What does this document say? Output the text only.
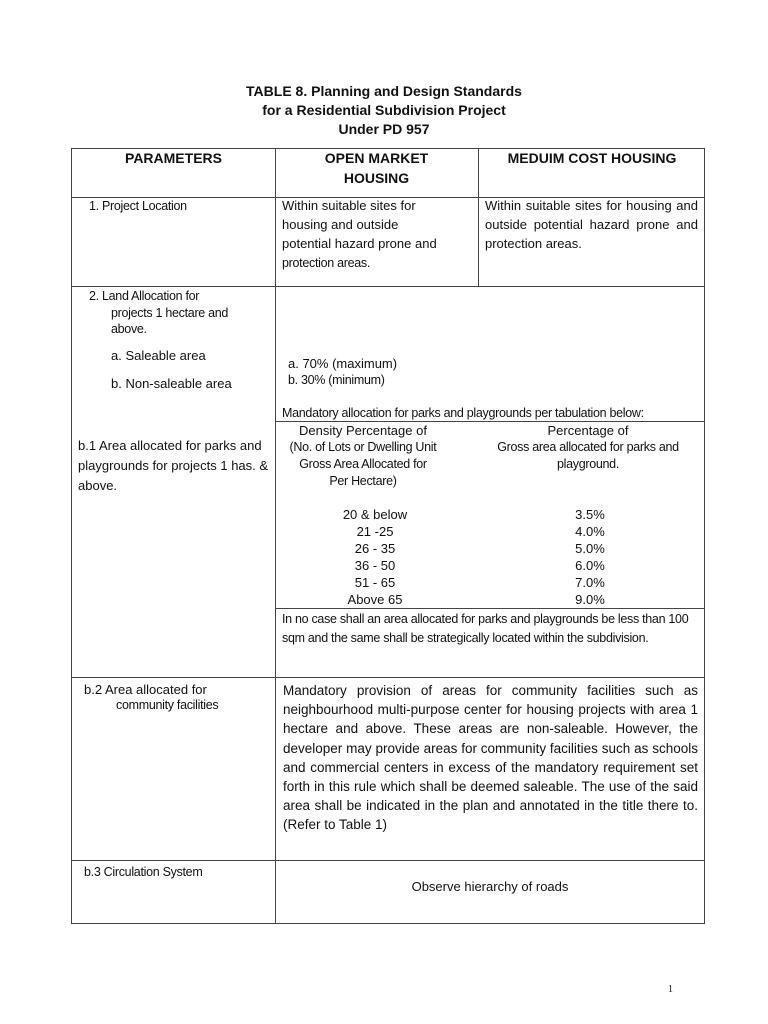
TABLE 8. Planning and Design Standards
for a Residential Subdivision Project
Under PD 957
PARAMETERS	OPEN MARKET
HOUSING
MEDUIM COST HOUSING
1. Project Location	Within suitable sites for
housing and outside
potential hazard prone and
protection areas.
Within suitable sites for housing and outside potential hazard prone and protection areas.
2. Land Allocation for
projects 1 hectare and
above.
a. Saleable area
b. Non-saleable area
a. 70% (maximum)
b. 30% (minimum)
Mandatory allocation for parks and playgrounds per tabulation below:
b.1 Area allocated for parks and playgrounds for projects 1 has. & above.
Density Percentage of
(No. of Lots or Dwelling Unit
Gross Area Allocated for
Per Hectare)
Percentage of
Gross area allocated for parks and
playground.
20 & below
21 -25
26 - 35
36 - 50
51 - 65
Above 65
3.5%
4.0%
5.0%
6.0%
7.0%
9.0%
In no case shall an area allocated for parks and playgrounds be less than 100 sqm and the same shall be strategically located within the subdivision.
b.2 Area allocated for
community facilities
Mandatory provision of areas for community facilities such as neighbourhood multi-purpose center for housing projects with area 1 hectare and above. These areas are non-saleable. However, the developer may provide areas for community facilities such as schools and commercial centers in excess of the mandatory requirement set forth in this rule which shall be deemed saleable. The use of the said area shall be indicated in the plan and annotated in the title there to. (Refer to Table 1)
b.3 Circulation System
Observe hierarchy of roads
1
